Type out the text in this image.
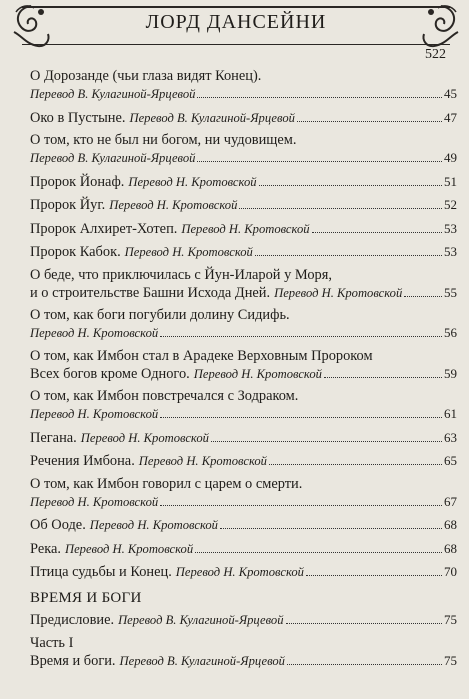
ЛОРД ДАНСЕЙНИ
522
О Дорозанде (чьи глаза видят Конец).
Перевод В. Кулагиной-Ярцевой	45
Око в Пустыне. Перевод В. Кулагиной-Ярцевой	47
О том, кто не был ни богом, ни чудовищем.
Перевод В. Кулагиной-Ярцевой	49
Пророк Йонаф. Перевод Н. Кротовской	51
Пророк Йуг. Перевод Н. Кротовской	52
Пророк Алхирет-Хотеп. Перевод Н. Кротовской	53
Пророк Кабок. Перевод Н. Кротовской	53
О беде, что приключилась с Йун-Иларой у Моря,
и о строительстве Башни Исхода Дней. Перевод Н. Кротовской	55
О том, как боги погубили долину Сидифь.
Перевод Н. Кротовской	56
О том, как Имбон стал в Арадеке Верховным Пророком
Всех богов кроме Одного. Перевод Н. Кротовской	59
О том, как Имбон повстречался с Зодраком.
Перевод Н. Кротовской	61
Пегана. Перевод Н. Кротовской	63
Речения Имбона. Перевод Н. Кротовской	65
О том, как Имбон говорил с царем о смерти.
Перевод Н. Кротовской	67
Об Ооде. Перевод Н. Кротовской	68
Река. Перевод Н. Кротовской	68
Птица судьбы и Конец. Перевод Н. Кротовской	70
ВРЕМЯ И БОГИ
Предисловие. Перевод В. Кулагиной-Ярцевой	75
Часть I
Время и боги. Перевод В. Кулагиной-Ярцевой	75
